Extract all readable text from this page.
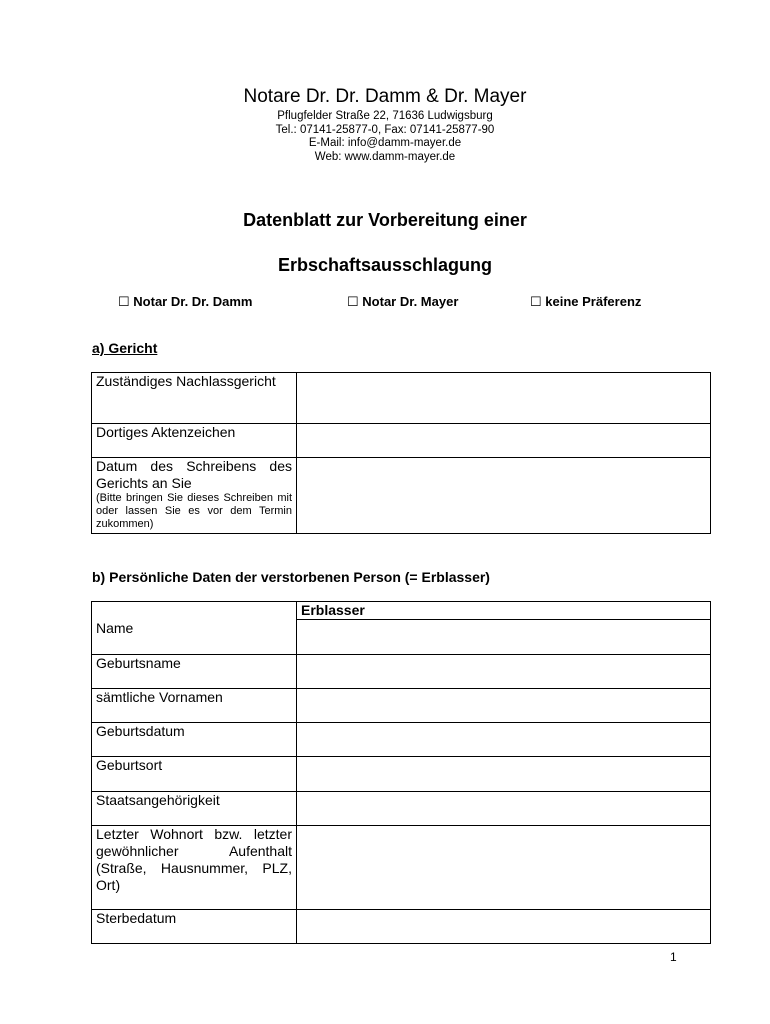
Notare Dr. Dr. Damm & Dr. Mayer
Pflugfelder Straße 22, 71636 Ludwigsburg
Tel.: 07141-25877-0, Fax: 07141-25877-90
E-Mail: info@damm-mayer.de
Web: www.damm-mayer.de
Datenblatt zur Vorbereitung einer
Erbschaftsausschlagung
☐ Notar Dr. Dr. Damm	☐ Notar Dr. Mayer	☐ keine Präferenz
a) Gericht
Zuständiges Nachlassgericht	
Dortiges Aktenzeichen	

Datum des Schreibens des Gerichts an Sie
(Bitte bringen Sie dieses Schreiben mit oder lassen Sie es vor dem Termin zukommen)	

b) Persönliche Daten der verstorbenen Person (= Erblasser)
	Erblasser
Name	
Geburtsname	
sämtliche Vornamen	
Geburtsdatum	
Geburtsort	
Staatsangehörigkeit	
Letzter Wohnort bzw. letzter gewöhnlicher Aufenthalt (Straße, Hausnummer, PLZ, Ort)	
Sterbedatum	
1
